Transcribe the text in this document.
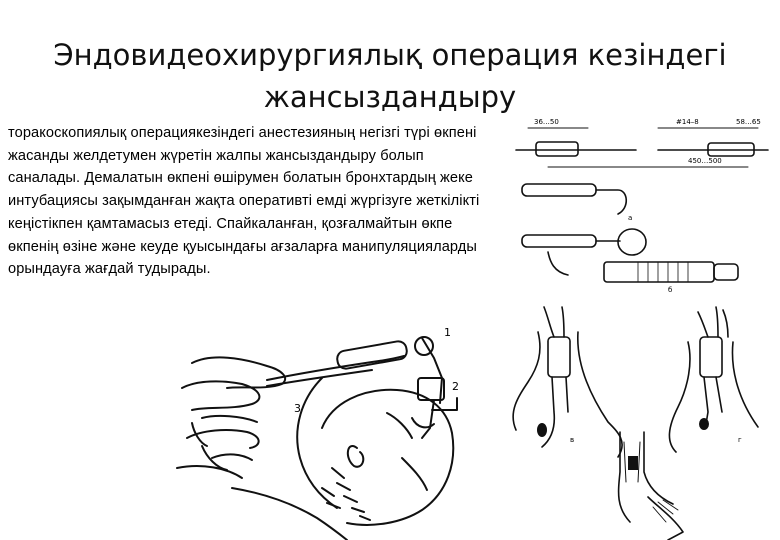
Эндовидеохирургиялық операция кезіндегі жансыздандыру
торакоскопиялық операциякезіндегі анестезияның негізгі түрі өкпені жасанды желдетумен жүретін жалпы жансыздандыру болып саналады. Демалатын өкпені өшірумен болатын бронхтардың жеке интубациясы зақымданған жақта оперативті емді жүргізуге жеткілікті кеңістікпен қамтамасыз етеді. Спайкаланған, қозғалмайтын өкпе өкпенің өзіне және кеуде қуысындағы ағзаларға манипуляцияларды орындауға жағдай тудырады.
1
2
3
36…50	#14–8	58…65
450…500
а
б
в	г
